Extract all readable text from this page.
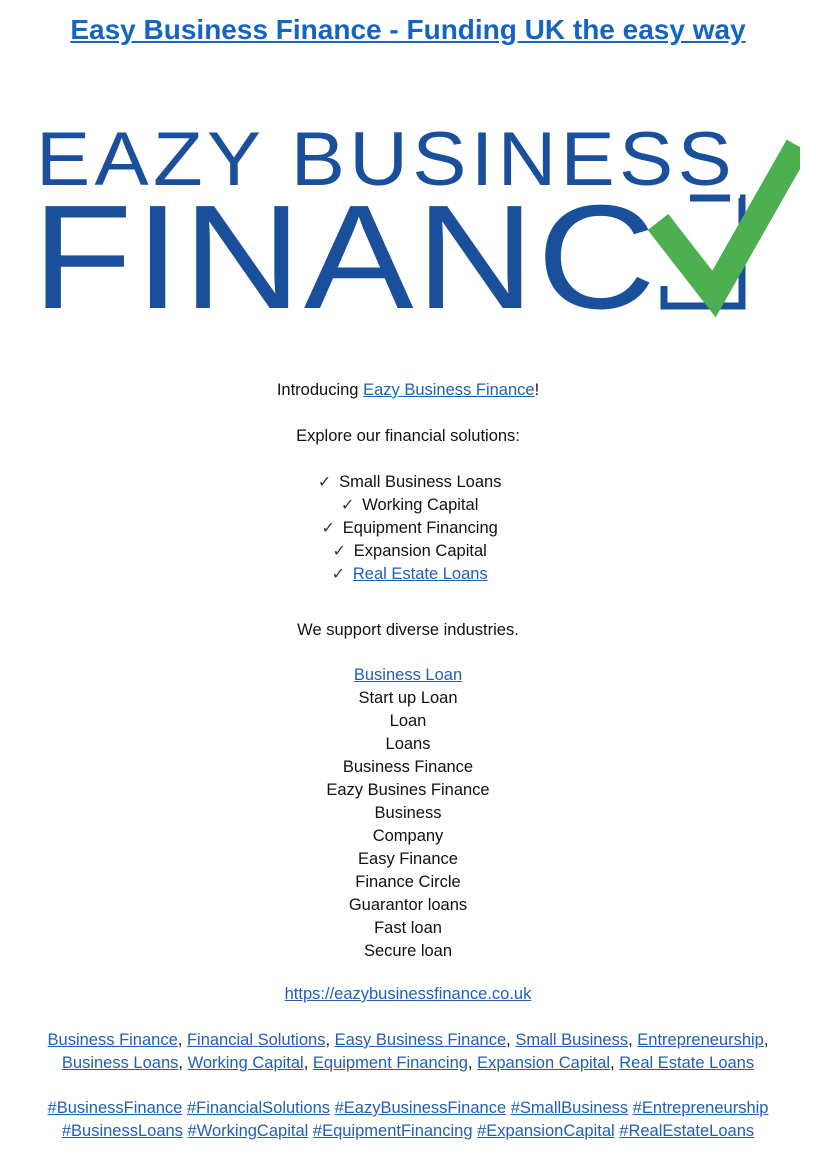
Easy Business Finance - Funding UK the easy way
EAZY BUSINESS
FINANC
Introducing Eazy Business Finance!
Explore our financial solutions:
✓ Small Business Loans
✓ Working Capital
✓ Equipment Financing
✓ Expansion Capital
✓ Real Estate Loans
We support diverse industries.
Business Loan
Start up Loan
Loan
Loans
Business Finance
Eazy Busines Finance
Business
Company
Easy Finance
Finance Circle
Guarantor loans
Fast loan
Secure loan
https://eazybusinessfinance.co.uk
Business Finance, Financial Solutions, Easy Business Finance, Small Business, Entrepreneurship,
Business Loans, Working Capital, Equipment Financing, Expansion Capital, Real Estate Loans
#BusinessFinance #FinancialSolutions #EazyBusinessFinance #SmallBusiness #Entrepreneurship
#BusinessLoans #WorkingCapital #EquipmentFinancing #ExpansionCapital #RealEstateLoans
